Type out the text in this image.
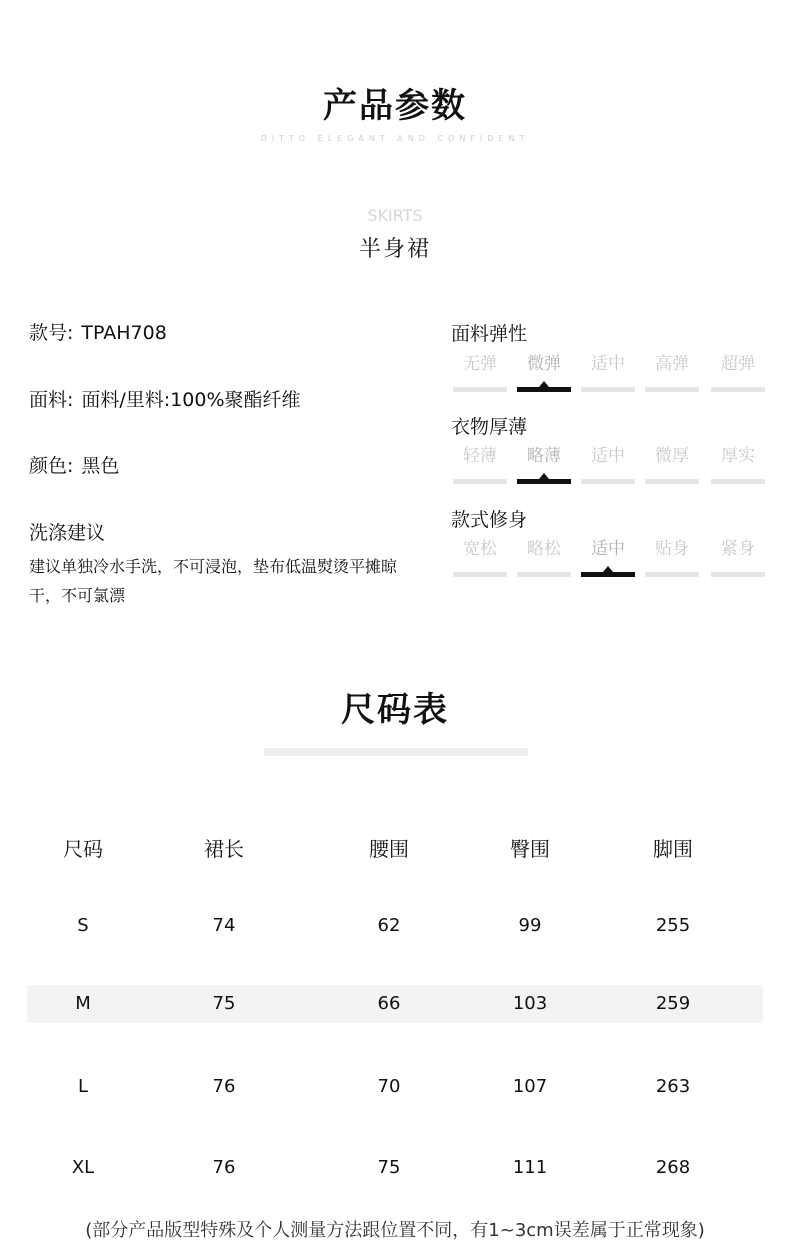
产品参数
DITTO ELEGANT AND CONFIDENT
SKIRTS
半身裙
款号: TPAH708
面料: 面料/里料:100%聚酯纤维
颜色: 黑色
洗涤建议
建议单独冷水手洗，不可浸泡，垫布低温熨烫平摊晾干，不可氯漂
面料弹性
无弹	微弹	适中	高弹	超弹
衣物厚薄
轻薄	略薄	适中	微厚	厚实
款式修身
宽松	略松	适中	贴身	紧身
尺码表
尺码	裙长	腰围	臀围	脚围
S	74	62	99	255
M	75	66	103	259
L	76	70	107	263
XL	76	75	111	268
(部分产品版型特殊及个人测量方法跟位置不同，有1~3cm误差属于正常现象)
